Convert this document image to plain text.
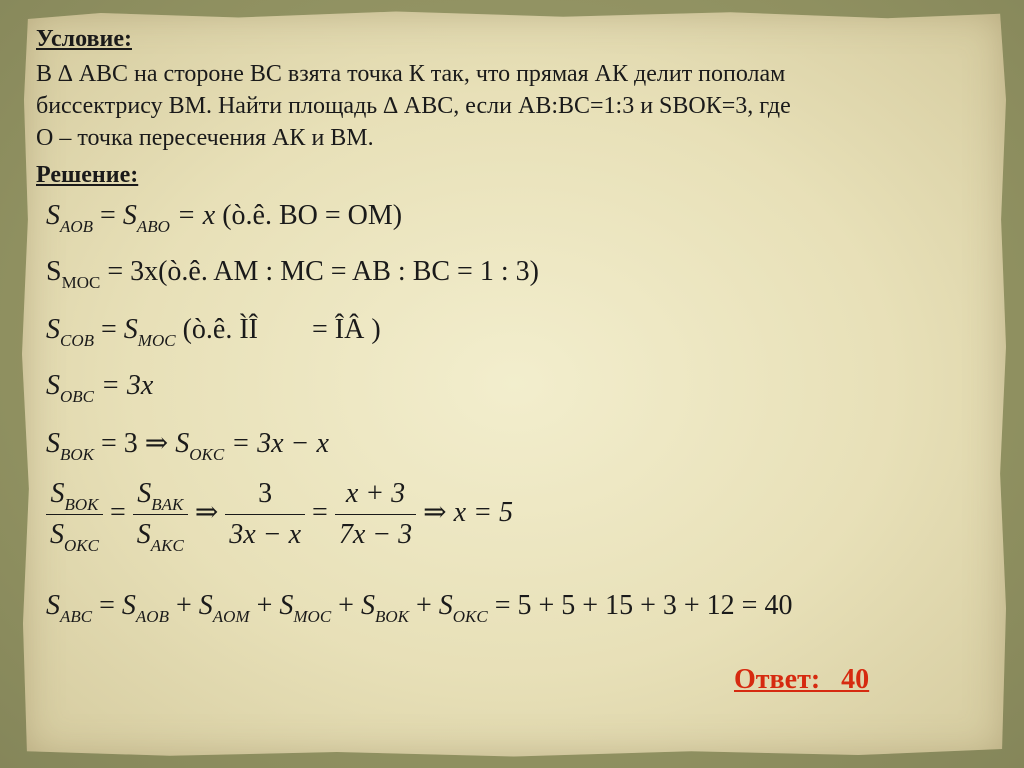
Условие:
В ∆ АВС на стороне ВС взята точка К так, что прямая АК делит пополам
биссектрису ВМ. Найти площадь ∆ АВС, если АВ:ВС=1:3 и SВОК=3, где
О – точка пересечения АК и ВМ.
Решение:
$S_{AOB} = S_{ABO} = x$ (ò.ê. BO = OM)
$S_{MOC}$ = 3x(ò.ê. AM : MC = AB : BC = 1 : 3)
$S_{COB} = S_{MOC}$ (ò.ê. ÌÎ = ÎÂ )
$S_{OBC} = 3x$
$S_{BOK} = 3$ ⇒ $S_{OKC} = 3x - x$
$\frac{S_{BOK}}{S_{OKC}} = \frac{S_{BAK}}{S_{AKC}}$ ⇒ $\frac{3}{3x - x} = \frac{x + 3}{7x - 3}$ ⇒ x = 5
$S_{ABC} = S_{AOB} + S_{AOM} + S_{MOC} + S_{BOK} + S_{OKC} = 5 + 5 + 15 + 3 + 12 = 40$
Ответ:   40
